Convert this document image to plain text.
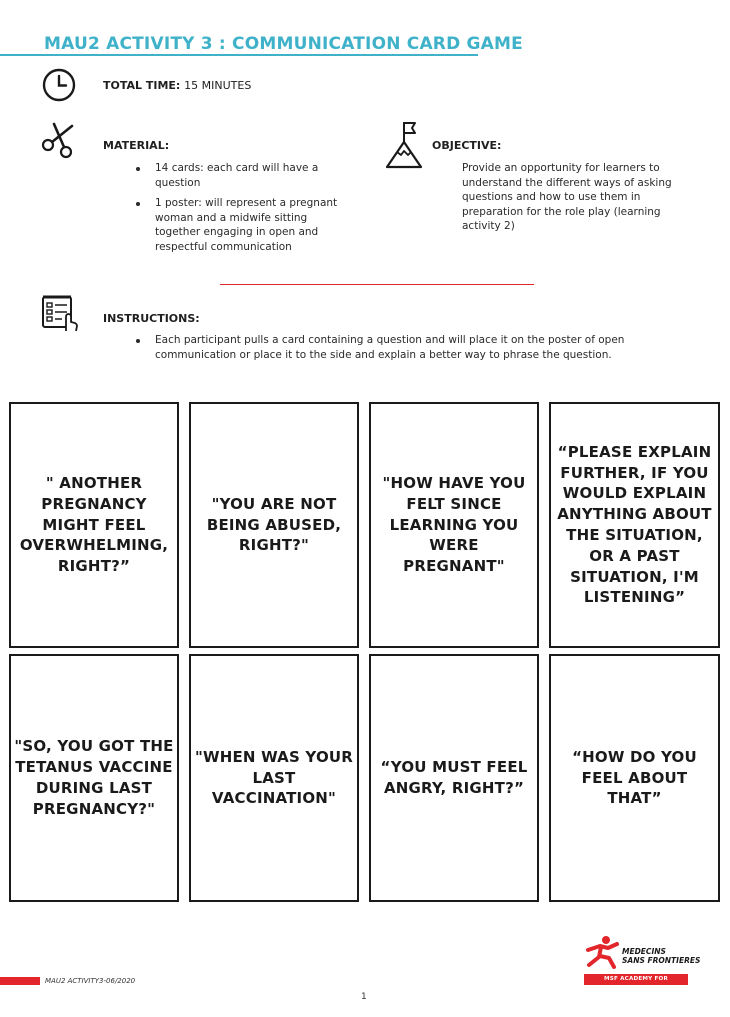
MAU2 ACTIVITY 3 : COMMUNICATION CARD GAME
TOTAL TIME: 15 MINUTES
MATERIAL:
14 cards: each card will have a question
1 poster: will represent a pregnant woman and a midwife sitting together engaging in open and respectful communication
OBJECTIVE:
Provide an opportunity for learners to understand the different ways of asking questions and how to use them in preparation for the role play (learning activity 2)
INSTRUCTIONS:
Each participant pulls a card containing a question and will place it on the poster of open communication or place it to the side and explain a better way to phrase the question.
" ANOTHER PREGNANCY MIGHT FEEL OVERWHELMING, RIGHT?”
"YOU ARE NOT BEING ABUSED, RIGHT?"
"HOW HAVE YOU FELT SINCE LEARNING YOU WERE PREGNANT"
“PLEASE EXPLAIN FURTHER, IF YOU WOULD EXPLAIN ANYTHING ABOUT THE SITUATION, OR A PAST SITUATION, I'M LISTENING”
"SO, YOU GOT THE TETANUS VACCINE DURING LAST PREGNANCY?"
"WHEN WAS YOUR LAST VACCINATION"
“YOU MUST FEEL ANGRY, RIGHT?”
“HOW DO YOU FEEL ABOUT THAT”
MAU2 ACTIVITY3-06/2020
1
MEDECINS
SANS FRONTIERES
MSF ACADEMY FOR HEALTHCARE
